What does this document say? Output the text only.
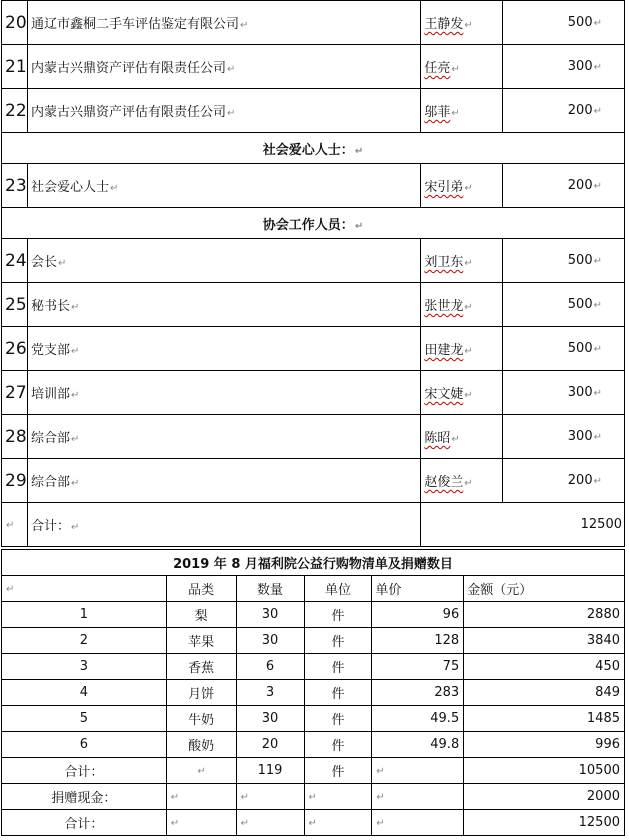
20	通辽市鑫桐二手车评估鉴定有限公司↵	王静发↵	500↵
21	内蒙古兴鼎资产评估有限责任公司↵	任亮↵	300↵
22	内蒙古兴鼎资产评估有限责任公司↵	邬菲↵	200↵
社会爱心人士：↵			
23	社会爱心人士↵	宋引弟↵	200↵
协会工作人员：↵			
24	会长↵	刘卫东↵	500↵
25	秘书长↵	张世龙↵	500↵
26	党支部↵	田建龙↵	500↵
27	培训部↵	宋文婕↵	300↵
28	综合部↵	陈昭↵	300↵
29	综合部↵	赵俊兰↵	200↵
↵	合计：↵	12500	
2019 年 8 月福利院公益行购物清单及捐赠数目					
↵	品类	数量	单位	单价	金额（元）
1	梨	30	件	96	2880
2	苹果	30	件	128	3840
3	香蕉	6	件	75	450
4	月饼	3	件	283	849
5	牛奶	30	件	49.5	1485
6	酸奶	20	件	49.8	996
合计：	↵	119	件	↵	10500
捐赠现金：	↵	↵	↵	↵	2000
合计：	↵	↵	↵	↵	12500
